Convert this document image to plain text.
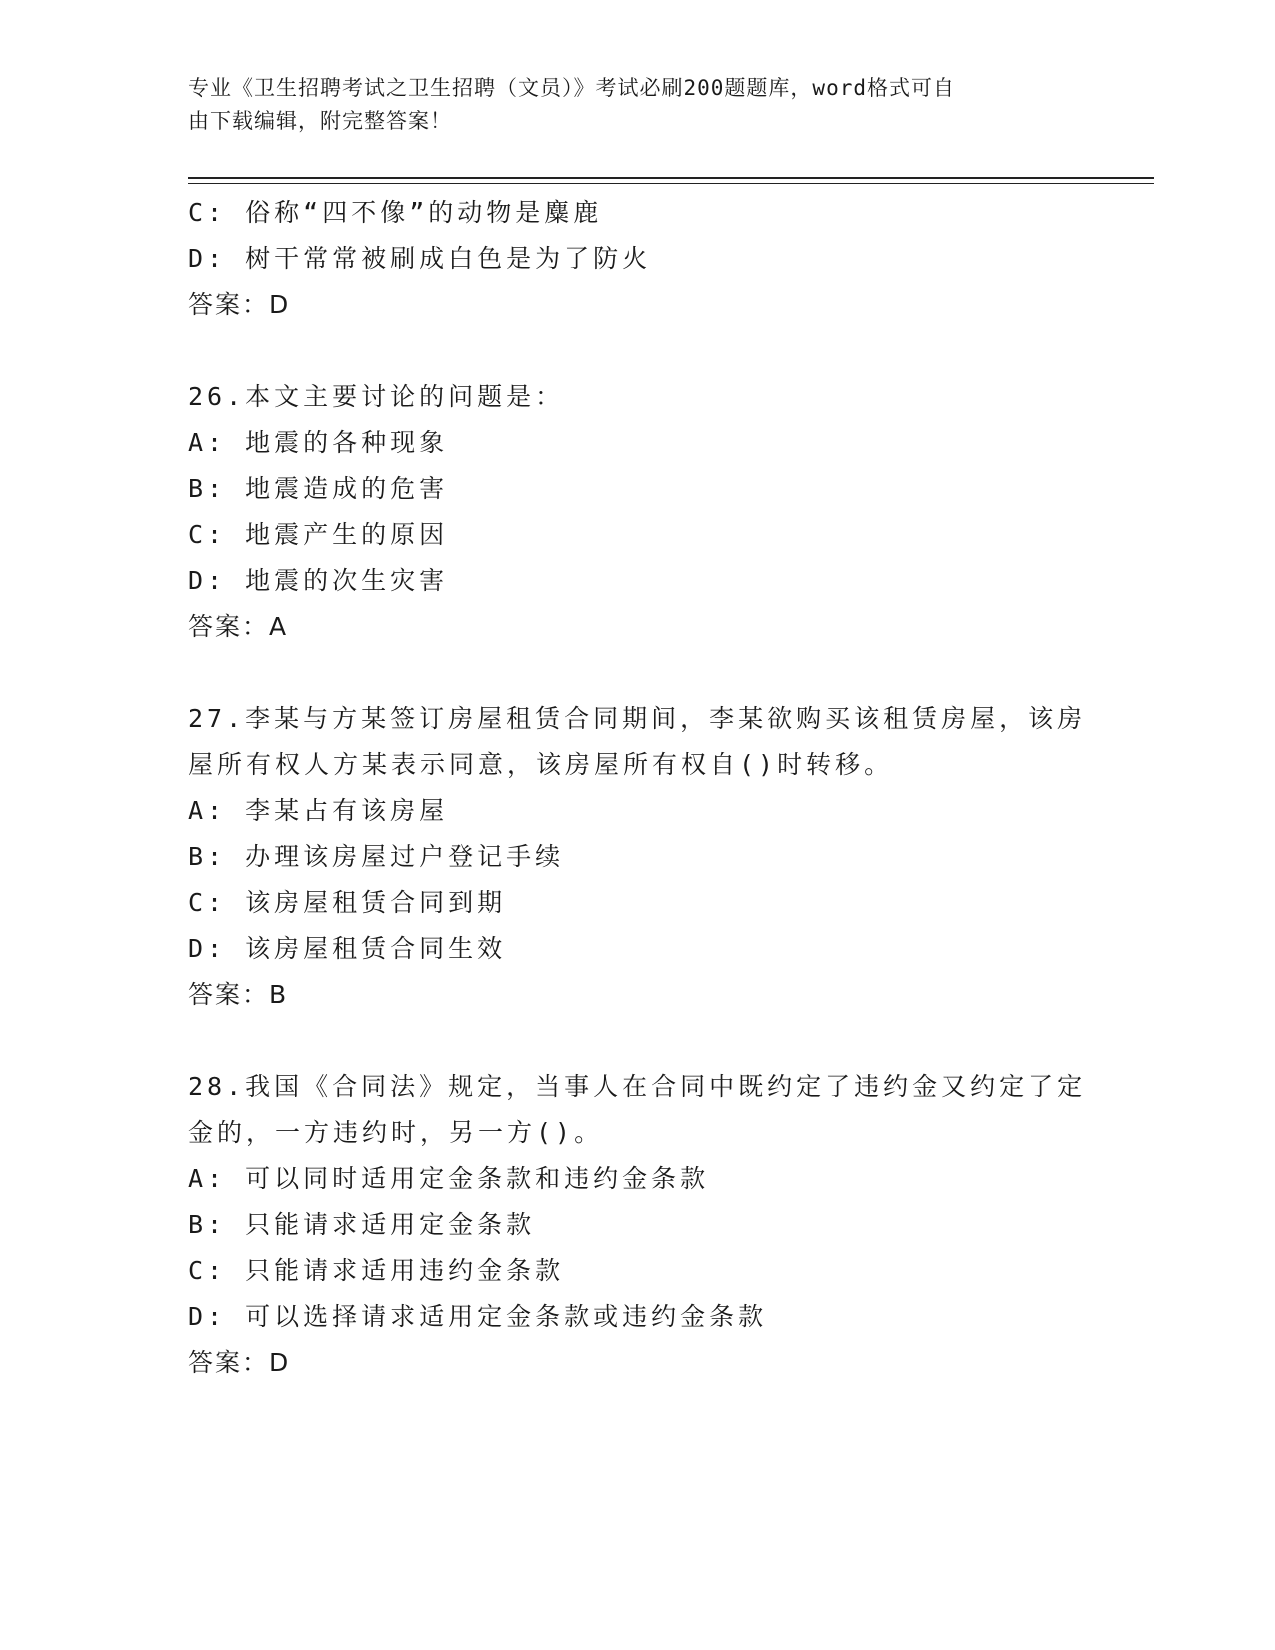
专业《卫生招聘考试之卫生招聘（文员）》考试必刷200题题库，word格式可自
由下载编辑，附完整答案！
C: 俗称“四不像”的动物是麋鹿
D: 树干常常被刷成白色是为了防火
答案：D
26.本文主要讨论的问题是：
A: 地震的各种现象
B: 地震造成的危害
C: 地震产生的原因
D: 地震的次生灾害
答案：A
27.李某与方某签订房屋租赁合同期间，李某欲购买该租赁房屋，该房
屋所有权人方某表示同意，该房屋所有权自()时转移。
A: 李某占有该房屋
B: 办理该房屋过户登记手续
C: 该房屋租赁合同到期
D: 该房屋租赁合同生效
答案：B
28.我国《合同法》规定，当事人在合同中既约定了违约金又约定了定
金的，一方违约时，另一方()。
A: 可以同时适用定金条款和违约金条款
B: 只能请求适用定金条款
C: 只能请求适用违约金条款
D: 可以选择请求适用定金条款或违约金条款
答案：D
